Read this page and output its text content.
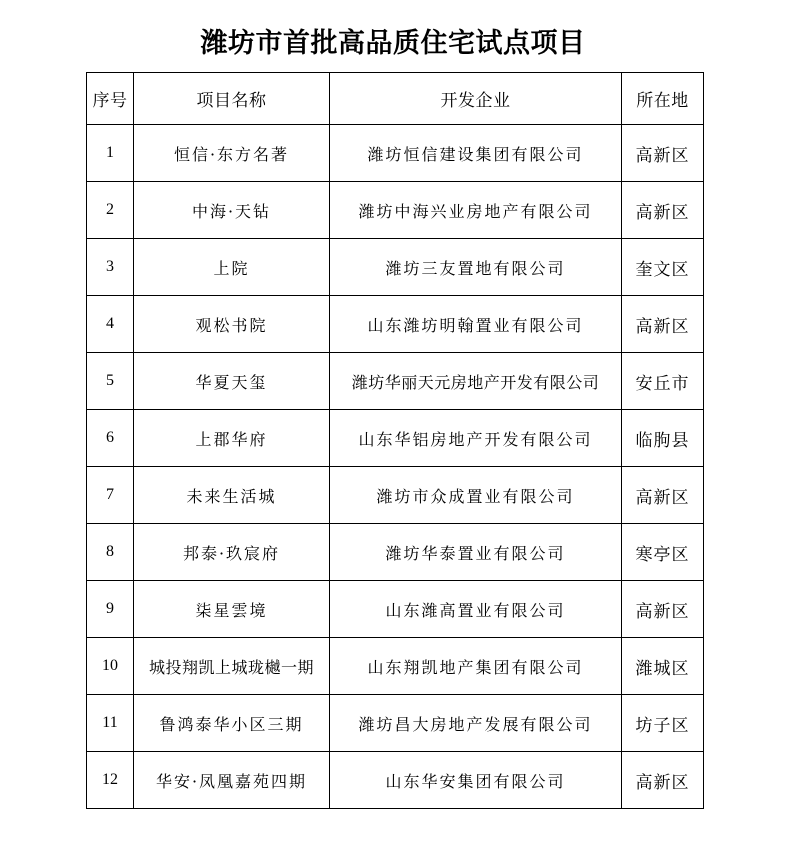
潍坊市首批高品质住宅试点项目
序号	项目名称	开发企业	所在地
1	恒信·东方名著	潍坊恒信建设集团有限公司	高新区
2	中海·天钻	潍坊中海兴业房地产有限公司	高新区
3	上院	潍坊三友置地有限公司	奎文区
4	观松书院	山东潍坊明翰置业有限公司	高新区
5	华夏天玺	潍坊华丽天元房地产开发有限公司	安丘市
6	上郡华府	山东华铝房地产开发有限公司	临朐县
7	未来生活城	潍坊市众成置业有限公司	高新区
8	邦泰·玖宸府	潍坊华泰置业有限公司	寒亭区
9	柒星雲境	山东潍高置业有限公司	高新区
10	城投翔凯上城珑樾一期	山东翔凯地产集团有限公司	潍城区
11	鲁鸿泰华小区三期	潍坊昌大房地产发展有限公司	坊子区
12	华安·凤凰嘉苑四期	山东华安集团有限公司	高新区
